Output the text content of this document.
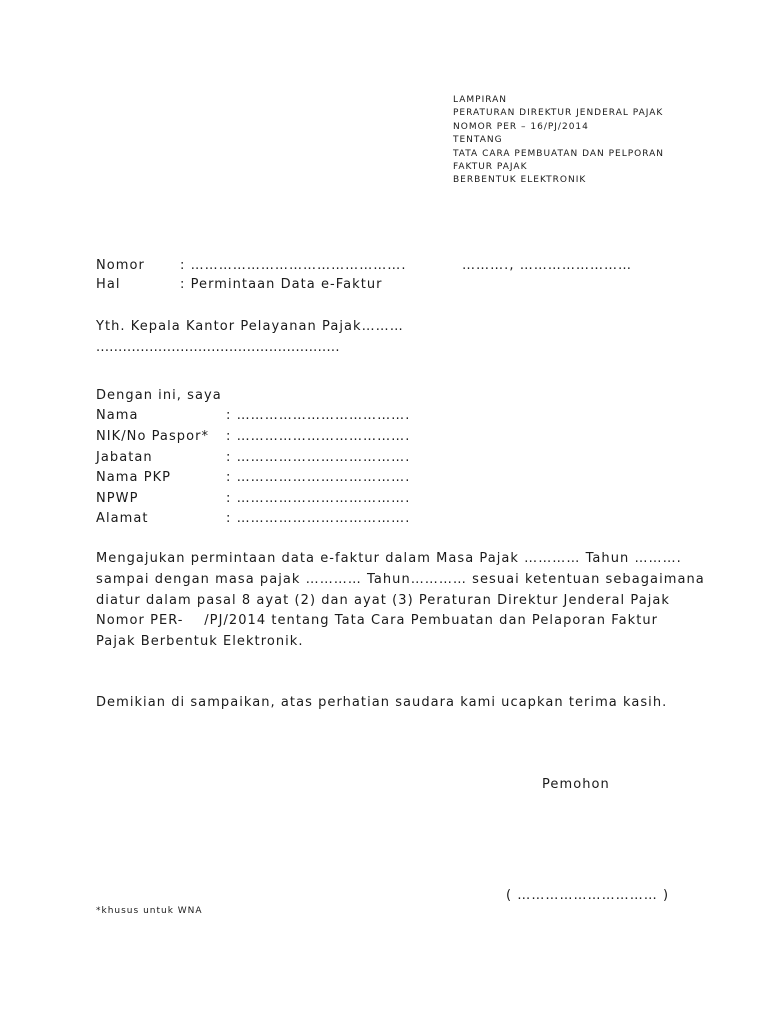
LAMPIRAN
PERATURAN DIREKTUR JENDERAL PAJAK
NOMOR PER – 16/PJ/2014
TENTANG
TATA CARA PEMBUATAN DAN PELPORAN
FAKTUR PAJAK
BERBENTUK ELEKTRONIK
Nomor	: ……………………………………….	………., ……………………
Hal	: Permintaan Data e-Faktur
Yth. Kepala Kantor Pelayanan Pajak………
.......................................................
Dengan ini, saya
Nama	: ……………………………….
NIK/No Paspor* : ……………………………….
Jabatan	: ……………………………….
Nama PKP	: ……………………………….
NPWP	: ……………………………….
Alamat	: ……………………………….
Mengajukan permintaan data e-faktur dalam Masa Pajak ………… Tahun ……….
sampai dengan masa pajak ………… Tahun………… sesuai ketentuan sebagaimana
diatur dalam pasal 8 ayat (2) dan ayat (3) Peraturan Direktur Jenderal Pajak
Nomor PER-    /PJ/2014 tentang Tata Cara Pembuatan dan Pelaporan Faktur
Pajak Berbentuk Elektronik.
Demikian di sampaikan, atas perhatian saudara kami ucapkan terima kasih.
Pemohon
( ………………………… )
*khusus untuk WNA
